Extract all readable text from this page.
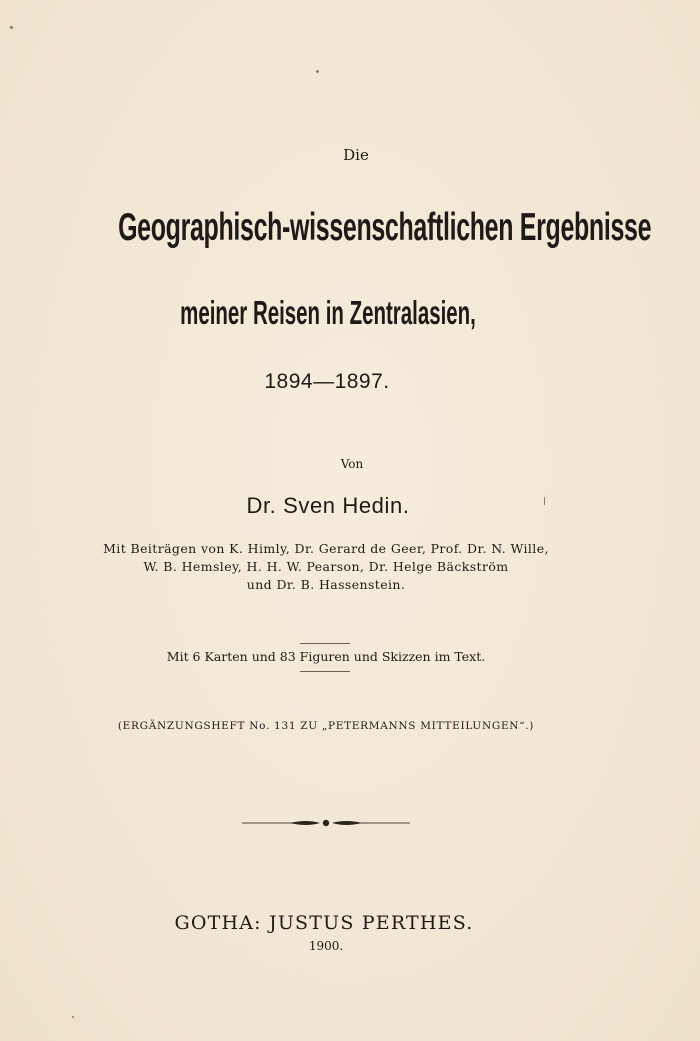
Die
Geographisch-wissenschaftlichen Ergebnisse
meiner Reisen in Zentralasien,
1894—1897.
Von
Dr. Sven Hedin.
Mit Beiträgen von K. Himly, Dr. Gerard de Geer, Prof. Dr. N. Wille,
W. B. Hemsley, H. H. W. Pearson, Dr. Helge Bäckström
und Dr. B. Hassenstein.
Mit 6 Karten und 83 Figuren und Skizzen im Text.
(ERGÄNZUNGSHEFT No. 131 ZU „PETERMANNS MITTEILUNGEN“.)
GOTHA: JUSTUS PERTHES.
1900.
